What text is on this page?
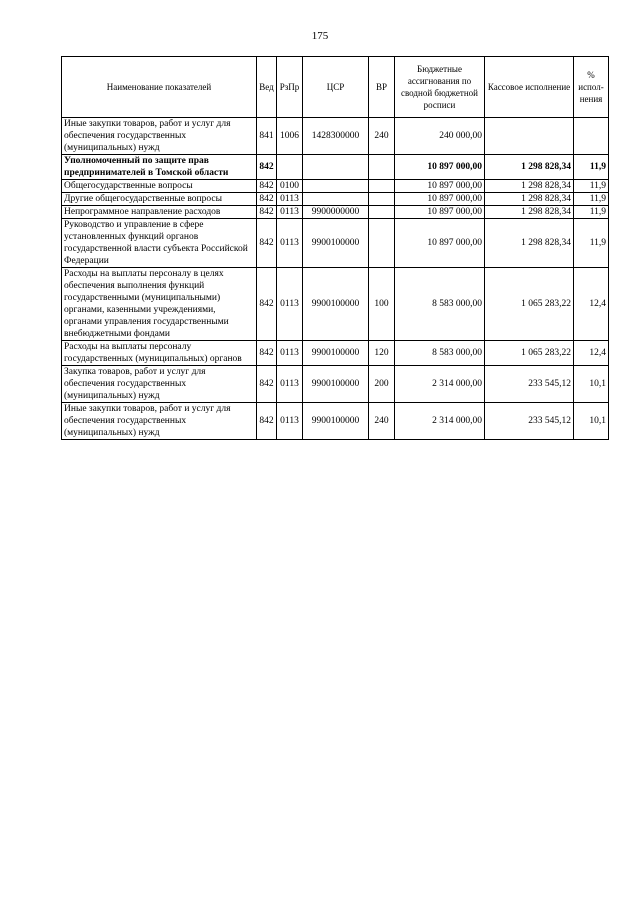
175
Наименование показателей	Вед	РзПр	ЦСР	ВР	Бюджетные ассигнования по сводной бюджетной росписи	Кассовое исполнение	% испол-нения
Иные закупки товаров, работ и услуг для обеспечения государственных (муниципальных) нужд	841	1006	1428300000	240	240 000,00		
Уполномоченный по защите прав предпринимателей в Томской области	842				10 897 000,00	1 298 828,34	11,9
Общегосударственные вопросы	842	0100			10 897 000,00	1 298 828,34	11,9
Другие общегосударственные вопросы	842	0113			10 897 000,00	1 298 828,34	11,9
Непрограммное направление расходов	842	0113	9900000000		10 897 000,00	1 298 828,34	11,9
Руководство и управление в сфере установленных функций органов государственной власти субъекта Российской Федерации	842	0113	9900100000		10 897 000,00	1 298 828,34	11,9
Расходы на выплаты персоналу в целях обеспечения выполнения функций государственными (муниципальными) органами, казенными учреждениями, органами управления государственными внебюджетными фондами	842	0113	9900100000	100	8 583 000,00	1 065 283,22	12,4
Расходы на выплаты персоналу государственных (муниципальных) органов	842	0113	9900100000	120	8 583 000,00	1 065 283,22	12,4
Закупка товаров, работ и услуг для обеспечения государственных (муниципальных) нужд	842	0113	9900100000	200	2 314 000,00	233 545,12	10,1
Иные закупки товаров, работ и услуг для обеспечения государственных (муниципальных) нужд	842	0113	9900100000	240	2 314 000,00	233 545,12	10,1
